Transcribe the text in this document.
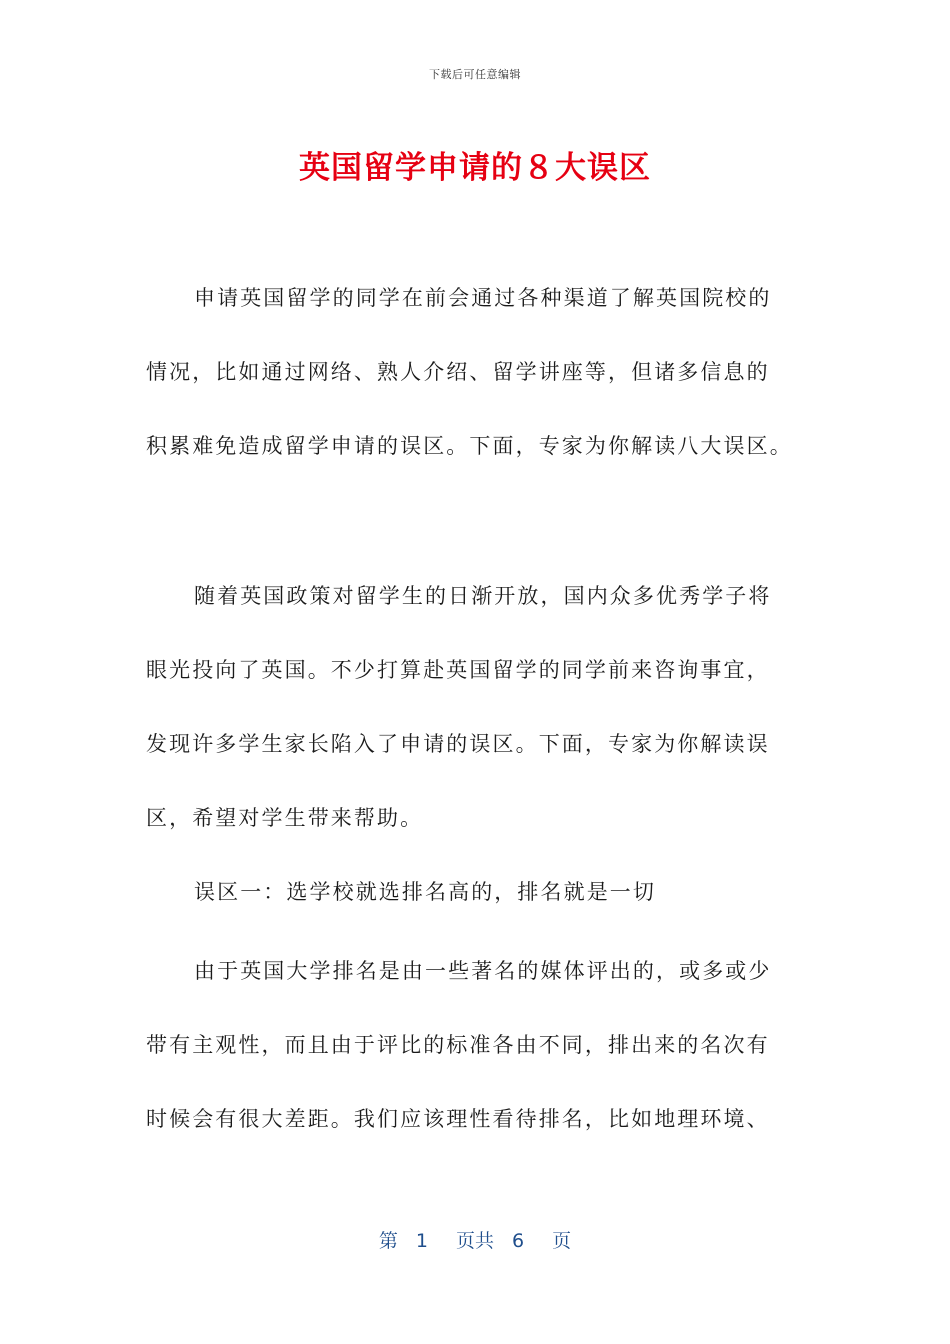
下载后可任意编辑
英国留学申请的８大误区
申请英国留学的同学在前会通过各种渠道了解英国院校的
情况，比如通过网络、熟人介绍、留学讲座等，但诸多信息的
积累难免造成留学申请的误区。下面，专家为你解读八大误区。
随着英国政策对留学生的日渐开放，国内众多优秀学子将
眼光投向了英国。不少打算赴英国留学的同学前来咨询事宜，
发现许多学生家长陷入了申请的误区。下面，专家为你解读误
区，希望对学生带来帮助。
误区一：选学校就选排名高的，排名就是一切
由于英国大学排名是由一些著名的媒体评出的，或多或少
带有主观性，而且由于评比的标准各由不同，排出来的名次有
时候会有很大差距。我们应该理性看待排名，比如地理环境、
第 1 页共 6 页
